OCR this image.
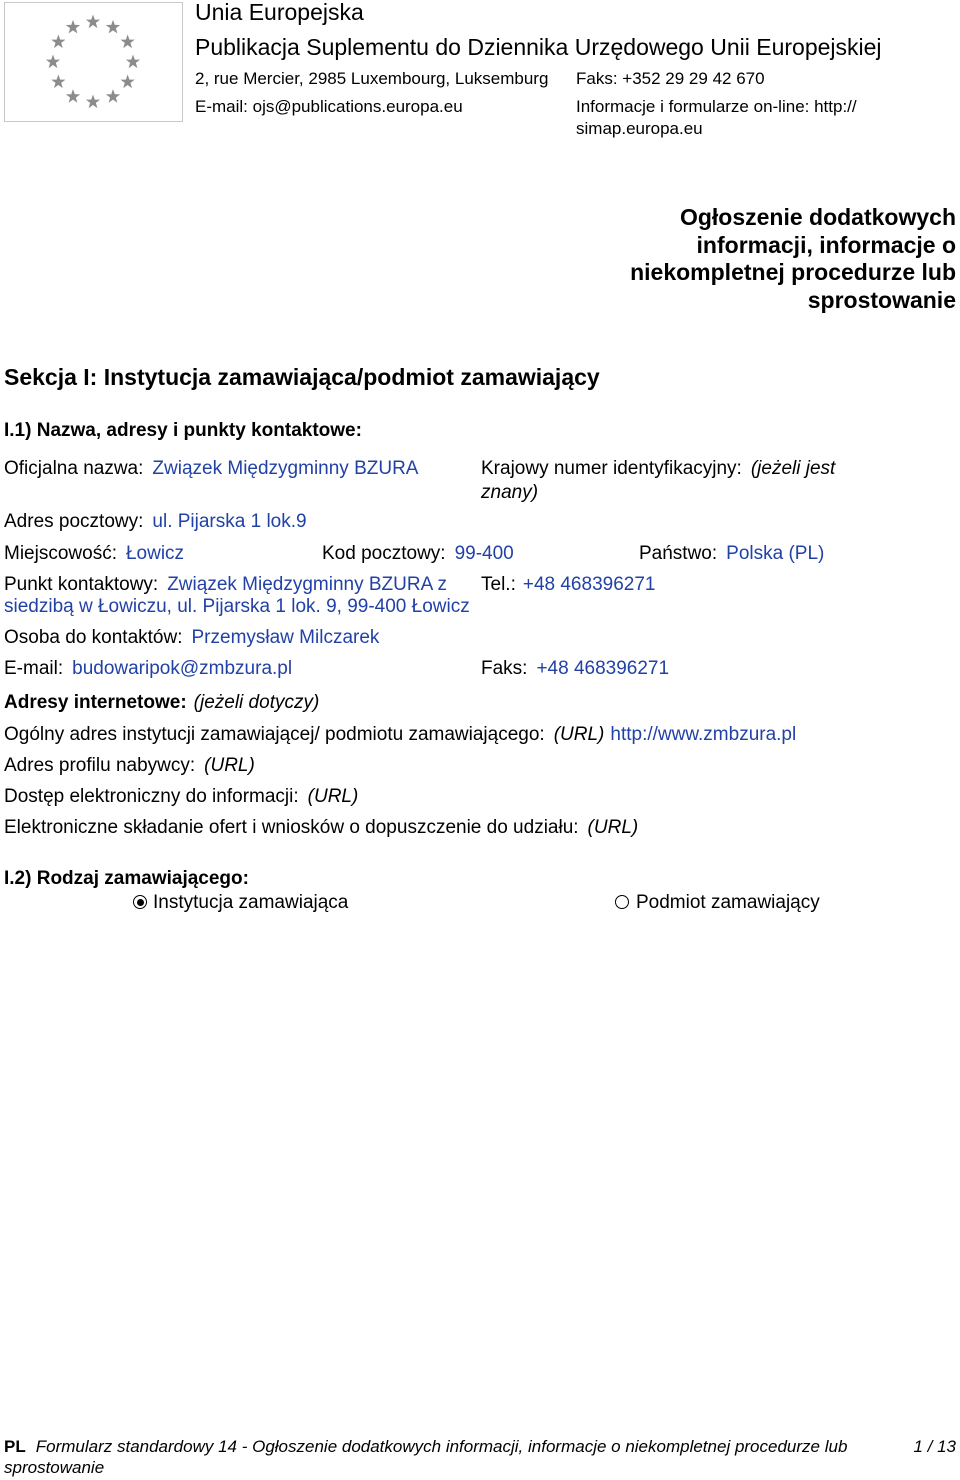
Unia Europejska
Publikacja Suplementu do Dziennika Urzędowego Unii Europejskiej
2, rue Mercier, 2985 Luxembourg, Luksemburg Faks: +352 29 29 42 670
E-mail: ojs@publications.europa.eu	Informacje i formularze on-line: http://
simap.europa.eu
Ogłoszenie dodatkowych
informacji, informacje o
niekompletnej procedurze lub
sprostowanie
Sekcja I: Instytucja zamawiająca/podmiot zamawiający
I.1) Nazwa, adresy i punkty kontaktowe:
Oficjalna nazwa: Związek Międzygminny BZURA	Krajowy numer identyfikacyjny: (jeżeli jest znany)
Adres pocztowy: ul. Pijarska 1 lok.9
Miejscowość: Łowicz	Kod pocztowy: 99-400	Państwo: Polska (PL)
Punkt kontaktowy: Związek Międzygminny BZURA z siedzibą w Łowiczu, ul. Pijarska 1 lok. 9, 99-400 Łowicz
Tel.: +48 468396271
Osoba do kontaktów: Przemysław Milczarek
E-mail: budowaripok@zmbzura.pl	Faks: +48 468396271
Adresy internetowe: (jeżeli dotyczy)
Ogólny adres instytucji zamawiającej/ podmiotu zamawiającego: (URL) http://www.zmbzura.pl
Adres profilu nabywcy: (URL)
Dostęp elektroniczny do informacji: (URL)
Elektroniczne składanie ofert i wniosków o dopuszczenie do udziału: (URL)
I.2) Rodzaj zamawiającego:
Instytucja zamawiająca	Podmiot zamawiający
PL Formularz standardowy 14 - Ogłoszenie dodatkowych informacji, informacje o niekompletnej procedurze lub sprostowanie
1 / 13
